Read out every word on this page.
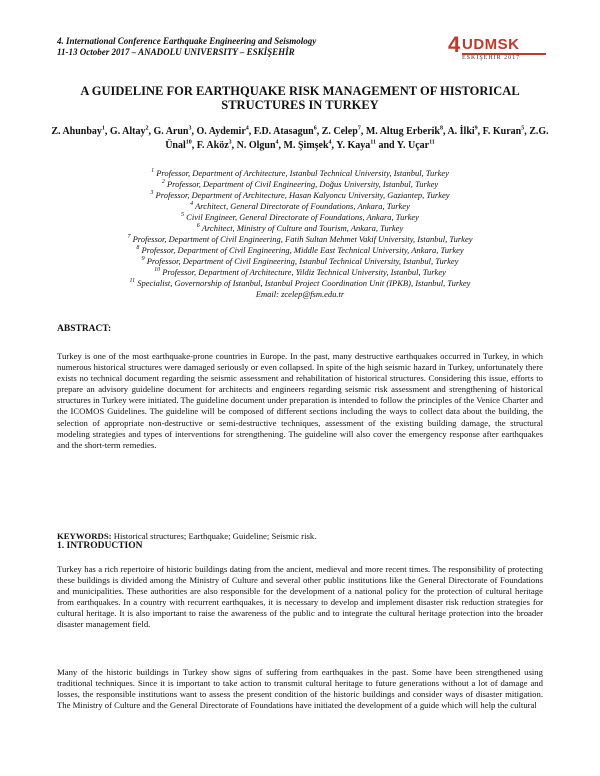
4. International Conference Earthquake Engineering and Seismology
11-13 October 2017 – ANADOLU UNIVERSITY – ESKİŞEHİR	4 UDMSK
ESKİŞEHİR 2017
A GUIDELINE FOR EARTHQUAKE RISK MANAGEMENT OF HISTORICAL
STRUCTURES IN TURKEY
Z. Ahunbay$^1$, G. Altay$^2$, G. Arun$^3$, O. Aydemir$^4$, F.D. Atasagun$^6$, Z. Celep$^7$, M. Altug Erberik$^8$, A. İlki$^9$, F. Kuran$^5$, Z.G. Ünal$^{10}$, F. Aköz$^3$, N. Olgun$^4$, M. Şimşek$^4$, Y. Kaya$^{11}$ and Y. Uçar$^{11}$
$^1$ Professor, Department of Architecture, Istanbul Technical University, Istanbul, Turkey
$^2$ Professor, Department of Civil Engineering, Doğus University, Istanbul, Turkey
$^3$ Professor, Department of Architecture, Hasan Kalyoncu University, Gaziantep, Turkey
$^4$ Architect, General Directorate of Foundations, Ankara, Turkey
$^5$ Civil Engineer, General Directorate of Foundations, Ankara, Turkey
$^6$ Architect, Ministry of Culture and Tourism, Ankara, Turkey
$^7$ Professor, Department of Civil Engineering, Fatih Sultan Mehmet Vakif University, Istanbul, Turkey
$^8$ Professor, Department of Civil Engineering, Middle East Technical University, Ankara, Turkey
$^9$ Professor, Department of Civil Engineering, Istanbul Technical University, Istanbul, Turkey
$^{10}$ Professor, Department of Architecture, Yildiz Technical University, Istanbul, Turkey
$^{11}$ Specialist, Governorship of Istanbul, Istanbul Project Coordination Unit (IPKB), Istanbul, Turkey
Email: zcelep@fsm.edu.tr
ABSTRACT:
Turkey is one of the most earthquake-prone countries in Europe. In the past, many destructive earthquakes occurred in Turkey, in which numerous historical structures were damaged seriously or even collapsed. In spite of the high seismic hazard in Turkey, unfortunately there exists no technical document regarding the seismic assessment and rehabilitation of historical structures. Considering this issue, efforts to prepare an advisory guideline document for architects and engineers regarding seismic risk assessment and strengthening of historical structures in Turkey were initiated. The guideline document under preparation is intended to follow the principles of the Venice Charter and the ICOMOS Guidelines. The guideline will be composed of different sections including the ways to collect data about the building, the selection of appropriate non-destructive or semi-destructive techniques, assessment of the existing building damage, the structural modeling strategies and types of interventions for strengthening. The guideline will also cover the emergency response after earthquakes and the short-term remedies.
KEYWORDS: Historical structures; Earthquake; Guideline; Seismic risk.
1. INTRODUCTION
Turkey has a rich repertoire of historic buildings dating from the ancient, medieval and more recent times. The responsibility of protecting these buildings is divided among the Ministry of Culture and several other public institutions like the General Directorate of Foundations and municipalities. These authorities are also responsible for the development of a national policy for the protection of cultural heritage from earthquakes. In a country with recurrent earthquakes, it is necessary to develop and implement disaster risk reduction strategies for cultural heritage. It is also important to raise the awareness of the public and to integrate the cultural heritage protection into the broader disaster management field.
Many of the historic buildings in Turkey show signs of suffering from earthquakes in the past. Some have been strengthened using traditional techniques. Since it is important to take action to transmit cultural heritage to future generations without a lot of damage and losses, the responsible institutions want to assess the present condition of the historic buildings and consider ways of disaster mitigation. The Ministry of Culture and the General Directorate of Foundations have initiated the development of a guide which will help the cultural
